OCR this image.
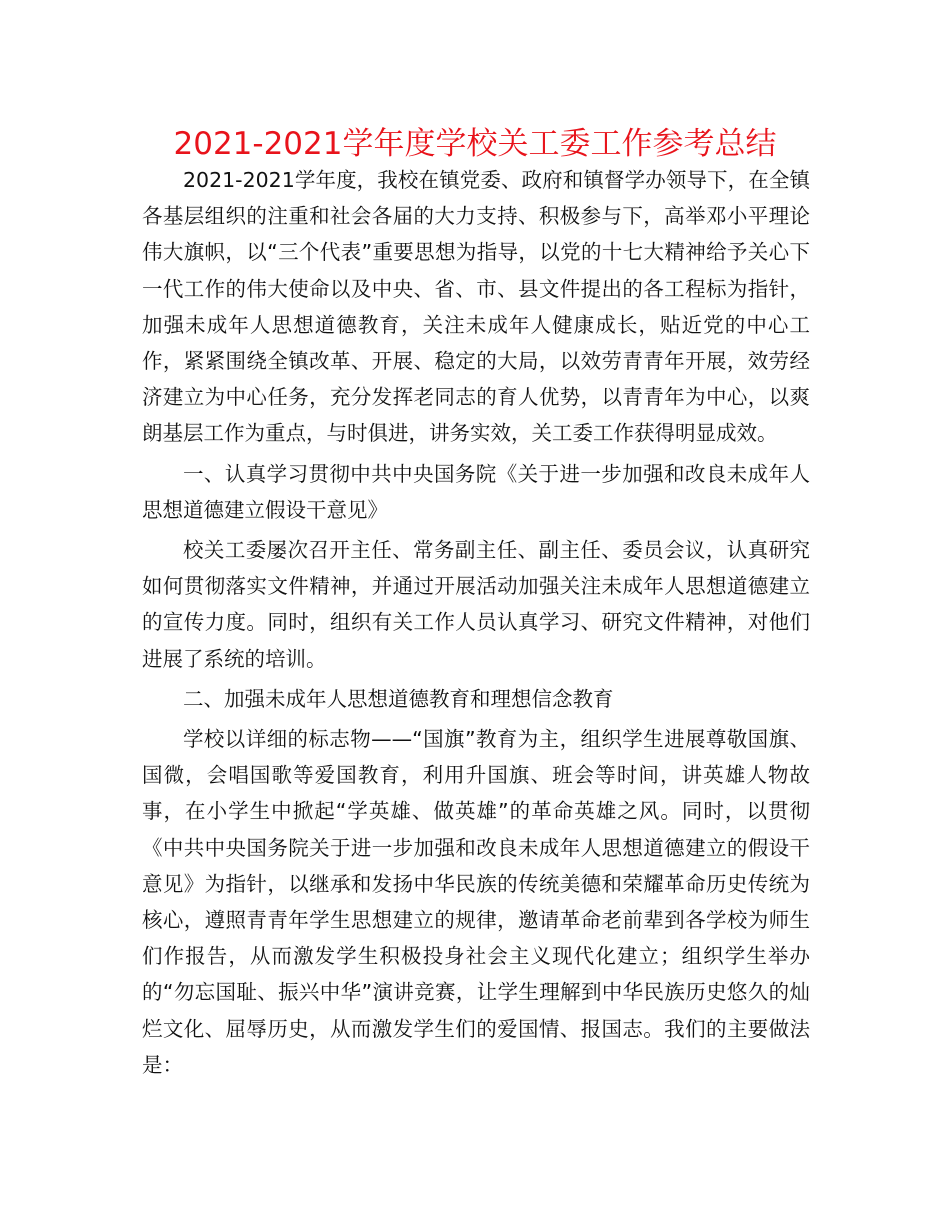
2021-2021学年度学校关工委工作参考总结

2021-2021学年度，我校在镇党委、政府和镇督学办领导下，在全镇各基层组织的注重和社会各届的大力支持、积极参与下，高举邓小平理论伟大旗帜，以“三个代表”重要思想为指导，以党的十七大精神给予关心下一代工作的伟大使命以及中央、省、市、县文件提出的各工程标为指针，加强未成年人思想道德教育，关注未成年人健康成长，贴近党的中心工作，紧紧围绕全镇改革、开展、稳定的大局，以效劳青青年开展，效劳经济建立为中心任务，充分发挥老同志的育人优势，以青青年为中心，以爽朗基层工作为重点，与时俱进，讲务实效，关工委工作获得明显成效。

一、认真学习贯彻中共中央国务院《关于进一步加强和改良未成年人思想道德建立假设干意见》

校关工委屡次召开主任、常务副主任、副主任、委员会议，认真研究如何贯彻落实文件精神，并通过开展活动加强关注未成年人思想道德建立的宣传力度。同时，组织有关工作人员认真学习、研究文件精神，对他们进展了系统的培训。

二、加强未成年人思想道德教育和理想信念教育

学校以详细的标志物——“国旗”教育为主，组织学生进展尊敬国旗、国微，会唱国歌等爱国教育，利用升国旗、班会等时间，讲英雄人物故事，在小学生中掀起“学英雄、做英雄”的革命英雄之风。同时，以贯彻《中共中央国务院关于进一步加强和改良未成年人思想道德建立的假设干意见》为指针，以继承和发扬中华民族的传统美德和荣耀革命历史传统为核心，遵照青青年学生思想建立的规律，邀请革命老前辈到各学校为师生们作报告，从而激发学生积极投身社会主义现代化建立；组织学生举办的“勿忘国耻、振兴中华”演讲竞赛，让学生理解到中华民族历史悠久的灿烂文化、屈辱历史，从而激发学生们的爱国情、报国志。我们的主要做法是：
